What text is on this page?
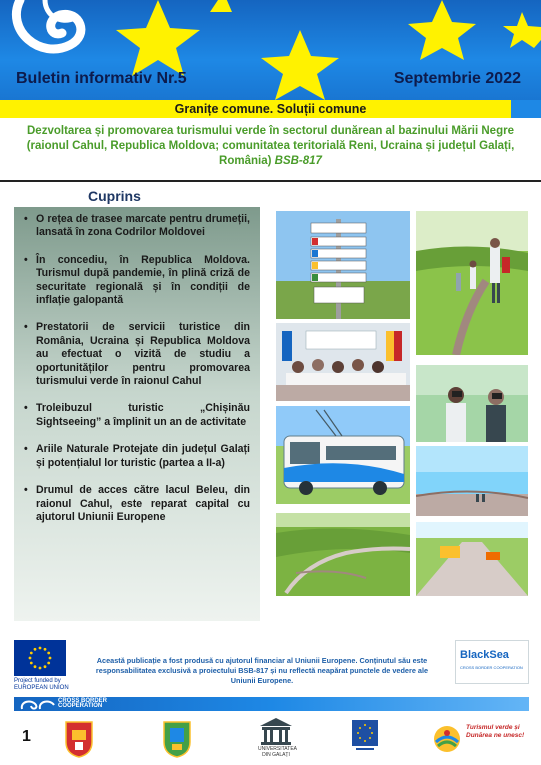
Buletin informativ Nr.5	Septembrie 2022
Granițe comune. Soluții comune
Dezvoltarea și promovarea turismului verde în sectorul dunărean al bazinului Mării Negre (raionul Cahul, Republica Moldova; comunitatea teritorială Reni, Ucraina și județul Galați, România) BSB-817
Cuprins
• O rețea de trasee marcate pentru drumeții, lansată în zona Codrilor Moldovei
• În concediu, în Republica Moldova. Turismul după pandemie, în plină criză de securitate regională și în condiții de inflație galopantă
• Prestatorii de servicii turistice din România, Ucraina și Republica Moldova au efectuat o vizită de studiu a oportunităților pentru promovarea turismului verde în raionul Cahul
• Troleibuzul turistic „Chișinău Sightseeing” a împlinit un an de activitate
• Ariile Naturale Protejate din județul Galați și potențialul lor turistic (partea a II-a)
• Drumul de acces către lacul Beleu, din raionul Cahul, este reparat capital cu ajutorul Uniunii Europene
Project funded by
EUROPEAN UNION
Această publicație a fost produsă cu ajutorul financiar al Uniunii Europene. Conținutul său este responsabilitatea exclusivă a proiectului BSB-817 și nu reflectă neapărat punctele de vedere ale Uniunii Europene.
BlackSea
CROSS BORDER COOPERATION
CROSS BORDER
COOPERATION
1
UNIVERSITATEA DIN GALAȚI
Turismul verde și Dunărea ne unesc!
